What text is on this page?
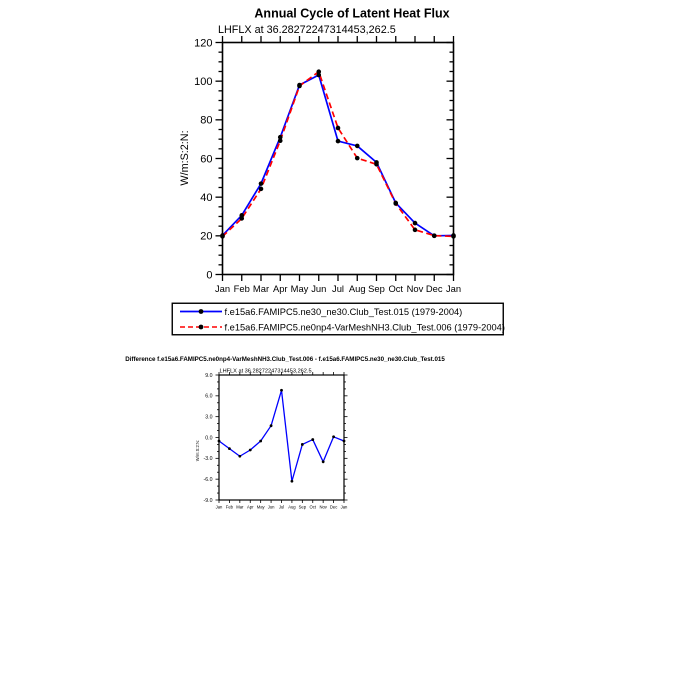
Annual Cycle of Latent Heat Flux
LHFLX at 36.28272247314453,262.5
W/m:S:2:N:
0
20
40
60
80
100
120
Jan Feb Mar Apr May Jun Jul Aug Sep Oct Nov Dec Jan
f.e15a6.FAMIPC5.ne30_ne30.Club_Test.015 (1979-2004)
f.e15a6.FAMIPC5.ne0np4-VarMeshNH3.Club_Test.006 (1979-2004)
Difference f.e15a6.FAMIPC5.ne0np4-VarMeshNH3.Club_Test.006 - f.e15a6.FAMIPC5.ne30_ne30.Club_Test.015
LHFLX at 36.28272247314453,262.5
W/m:S:2:N:
-9.0
-6.0
-3.0
0.0
3.0
6.0
9.0
Jan Feb Mar Apr May Jun Jul Aug Sep Oct Nov Dec Jan
